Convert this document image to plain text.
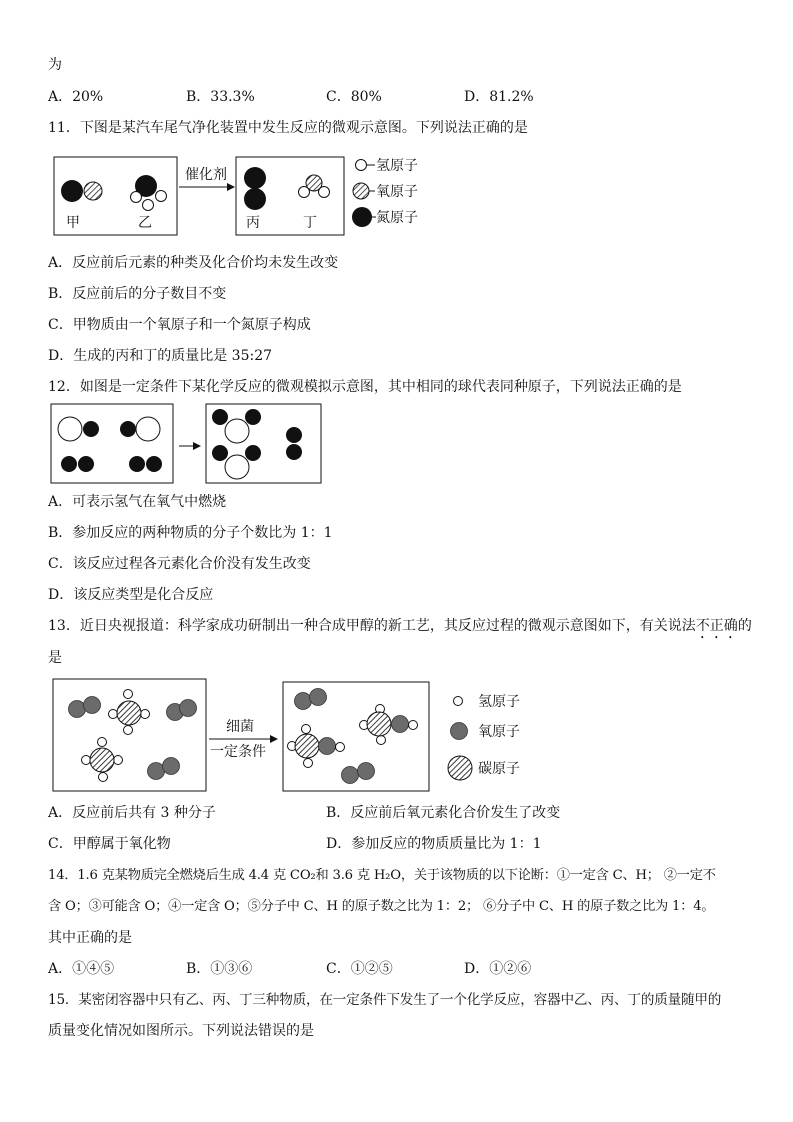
为
A．20%	B．33.3%	C．80%	D．81.2%
11．下图是某汽车尾气净化装置中发生反应的微观示意图。下列说法正确的是
甲	乙
催化剂
丙	丁
氢原子
氧原子
氮原子
A．反应前后元素的种类及化合价均未发生改变
B．反应前后的分子数目不变
C．甲物质由一个氧原子和一个氮原子构成
D．生成的丙和丁的质量比是 35:27
12．如图是一定条件下某化学反应的微观模拟示意图，其中相同的球代表同种原子，下列说法正确的是
A．可表示氢气在氧气中燃烧
B．参加反应的两种物质的分子个数比为 1：1
C．该反应过程各元素化合价没有发生改变
D．该反应类型是化合反应
13．近日央视报道：科学家成功研制出一种合成甲醇的新工艺，其反应过程的微观示意图如下，有关说法不正确的
是
细菌
一定条件
氢原子
氧原子
碳原子
A．反应前后共有 3 种分子	B．反应前后氧元素化合价发生了改变
C．甲醇属于氧化物	D．参加反应的物质质量比为 1：1
14．1.6 克某物质完全燃烧后生成 4.4 克 CO₂和 3.6 克 H₂O，关于该物质的以下论断：①一定含 C、H； ②一定不
含 O；③可能含 O；④一定含 O；⑤分子中 C、H 的原子数之比为 1：2； ⑥分子中 C、H 的原子数之比为 1：4。
其中正确的是
A．①④⑤	B．①③⑥	C．①②⑤	D．①②⑥
15．某密闭容器中只有乙、丙、丁三种物质，在一定条件下发生了一个化学反应，容器中乙、丙、丁的质量随甲的
质量变化情况如图所示。下列说法错误的是
